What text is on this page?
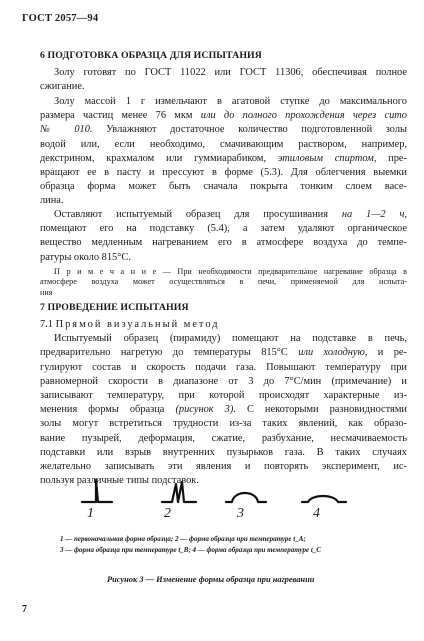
ГОСТ 2057—94
6 ПОДГОТОВКА ОБРАЗЦА ДЛЯ ИСПЫТАНИЯ
Золу готовят по ГОСТ 11022 или ГОСТ 11306, обеспечивая полное
сжигание.
Золу массой 1 г измельчают в агатовой ступке до максимального
размера частиц менее 76 мкм или до полного прохождения через сито
№ 010. Увлажняют достаточное количество подготовленной золы
водой или, если необходимо, смачивающим раствором, например,
декстрином, крахмалом или гуммиарабиком, этиловым спиртом, пре-
вращают ее в пасту и прессуют в форме (5.3). Для облегчения выемки
образца форма может быть сначала покрыта тонким слоем васе-
лина.
Оставляют испытуемый образец для просушивания на 1—2 ч,
помещают его на подставку (5.4), а затем удаляют органическое
вещество медленным нагреванием его в атмосфере воздуха до темпе-
ратуры около 815°С.
П р и м е ч а н и е — При необходимости предварительное нагревание образца в
атмосфере воздуха может осуществляться в печи, применяемой для испыта-
ния
7 ПРОВЕДЕНИЕ ИСПЫТАНИЯ
7.1 Прямой визуальный метод
Испытуемый образец (пирамиду) помещают на подставке в печь,
предварительно нагретую до температуры 815°С или холодную, и ре-
гулируют состав и скорость подачи газа. Повышают температуру при
равномерной скорости в диапазоне от 3 до 7°С/мин (примечание) и
записывают температуру, при которой происходят характерные из-
менения формы образца (рисунок 3). С некоторыми разновидностями
золы могут встретиться трудности из-за таких явлений, как образо-
вание пузырей, деформация, сжатие, разбухание, несмачиваемость
подставки или взрыв внутренних пузырьков газа. В таких случаях
желательно записывать эти явления и повторять эксперимент, ис-
пользуя различные типы подставок.
1	2	3	4
1 — первоначальная форма образца; 2 — форма образца при температуре t_A;
3 — форма образца при температуре t_B; 4 — форма образца при температуре t_C
Рисунок 3 — Изменение формы образца при нагревании
7
